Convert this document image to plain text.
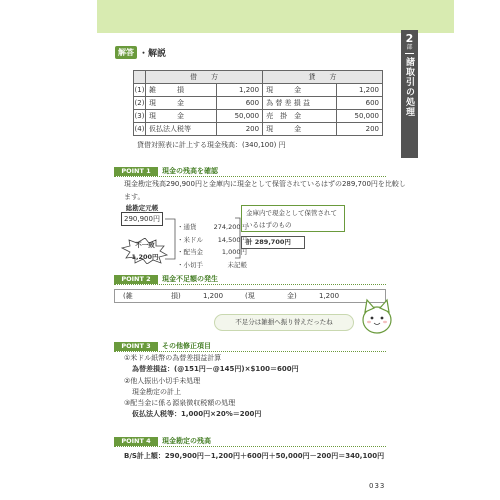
2
部
諸取引の処理
解答 ・解説
	借　　方		貸　　方	
(1)	雑　　　損	1,200	現　　　金	1,200
(2)	現　　　金	600	為 替 差 損 益	600
(3)	現　　　金	50,000	売　掛　金	50,000
(4)	仮払法人税等	200	現　　　金	200
貸借対照表に計上する現金残高：(340,100) 円
POINT 1	現金の残高を確認
現金勘定残高290,900円と金庫内に現金として保管されているはずの289,700円を比較し
ます。
総勘定元帳
290,900円
不一致
1,200円
・通貨	274,200円
・米ドル	14,500円
・配当金	1,000円
・小切手	未記帳
金庫内で現金として保管されて
いるはずのもの
計 289,700円
POINT 2	現金不足額の発生
(雑	損)	1,200	(現	金)	1,200
不足分は雑損へ振り替えだったね
POINT 3	その他修正項目
①米ドル紙幣の為替差損益計算
為替差損益：(@151円－@145円)×$100＝600円
②他人振出小切手未処理
現金勘定の計上
③配当金に係る源泉徴収税額の処理
仮払法人税等：1,000円×20%＝200円
POINT 4	現金勘定の残高
B/S計上額：290,900円－1,200円＋600円＋50,000円－200円＝340,100円
033
